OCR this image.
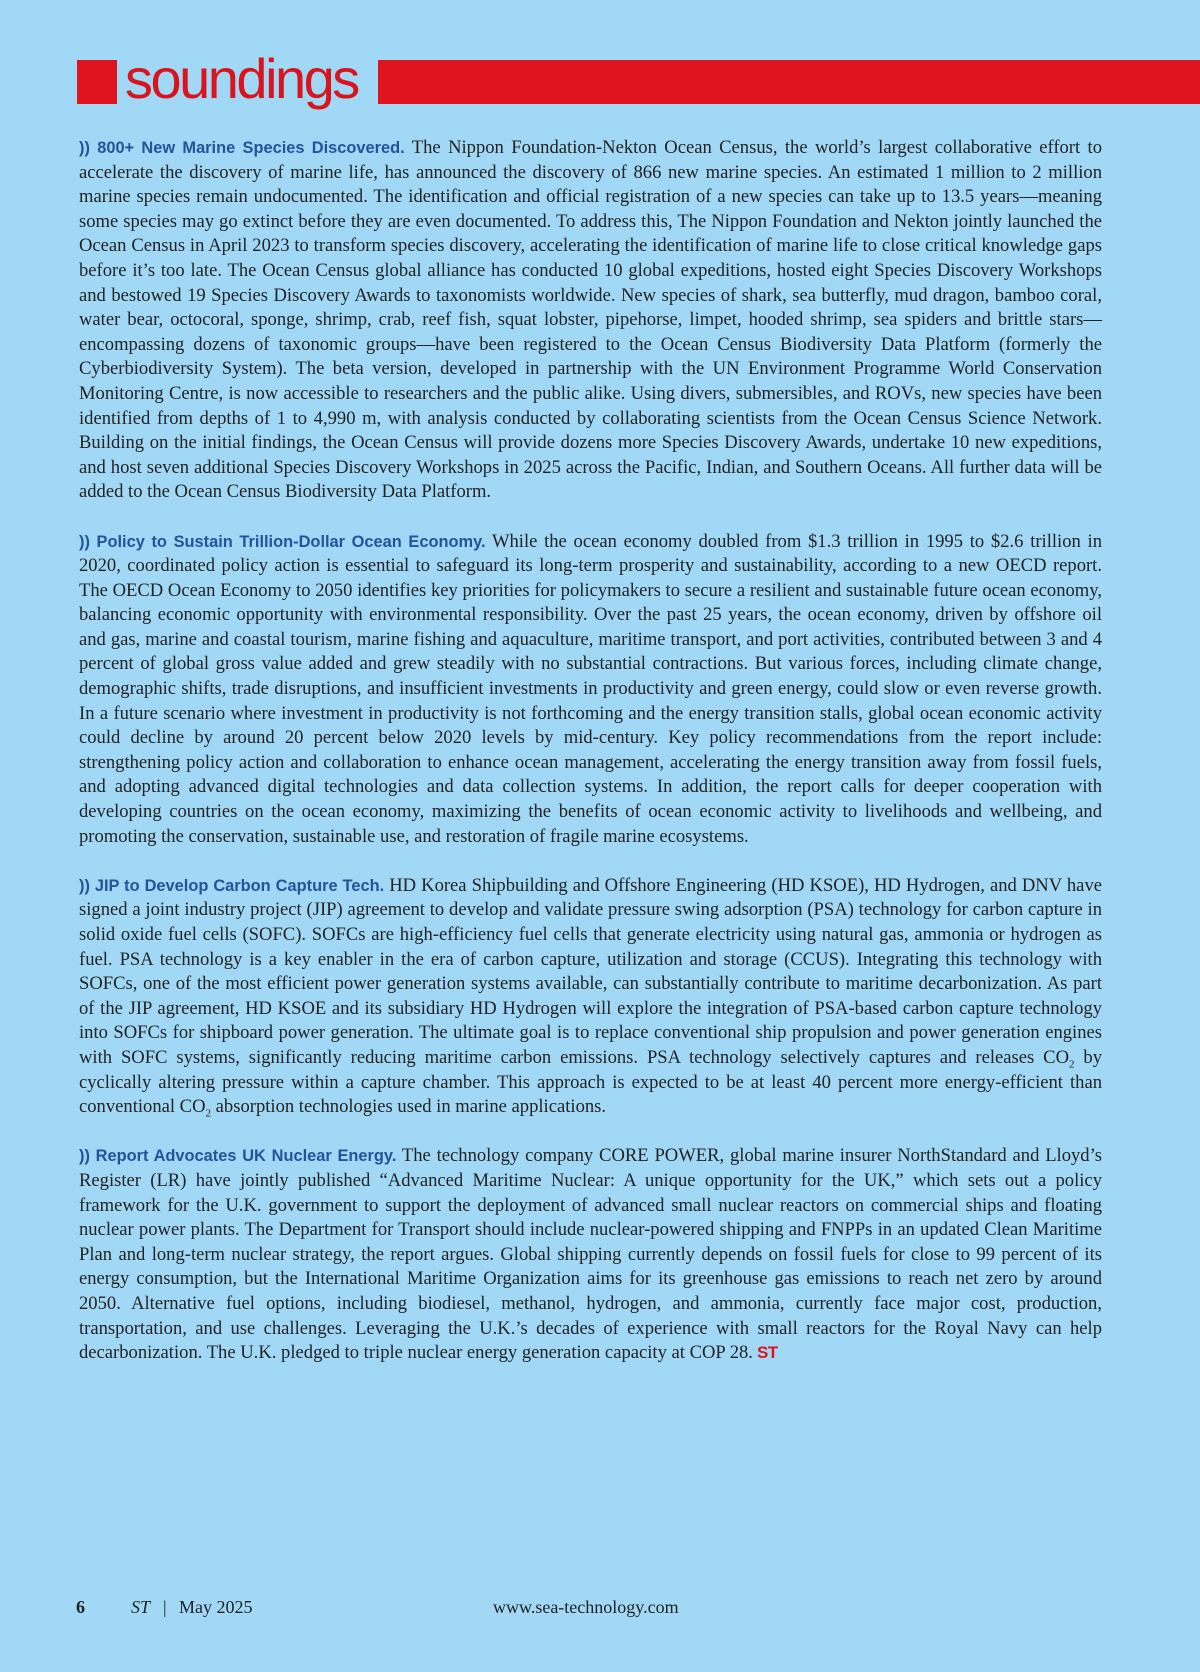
soundings

)) 800+ New Marine Species Discovered. The Nippon Foundation-Nekton Ocean Census, the world’s largest collaborative effort to accelerate the discovery of marine life, has announced the discovery of 866 new marine species. An estimated 1 million to 2 million marine species remain undocumented. The identification and official registration of a new species can take up to 13.5 years—meaning some species may go extinct before they are even documented. To address this, The Nippon Foundation and Nekton jointly launched the Ocean Census in April 2023 to transform species discovery, accelerating the identification of marine life to close critical knowledge gaps before it’s too late. The Ocean Census global alliance has conducted 10 global expeditions, hosted eight Species Discovery Workshops and bestowed 19 Species Discovery Awards to taxonomists worldwide. New species of shark, sea butterfly, mud dragon, bamboo coral, water bear, octocoral, sponge, shrimp, crab, reef fish, squat lobster, pipehorse, limpet, hooded shrimp, sea spiders and brittle stars—encompassing dozens of taxonomic groups—have been registered to the Ocean Census Biodiversity Data Platform (formerly the Cyberbiodiversity System). The beta version, developed in partnership with the UN Environment Programme World Conservation Monitoring Centre, is now accessible to researchers and the public alike. Using divers, submersibles, and ROVs, new species have been identified from depths of 1 to 4,990 m, with analysis conducted by collaborating scientists from the Ocean Census Science Network. Building on the initial findings, the Ocean Census will provide dozens more Species Discovery Awards, undertake 10 new expeditions, and host seven additional Species Discovery Workshops in 2025 across the Pacific, Indian, and Southern Oceans. All further data will be added to the Ocean Census Biodiversity Data Platform.

)) Policy to Sustain Trillion-Dollar Ocean Economy. While the ocean economy doubled from $1.3 trillion in 1995 to $2.6 trillion in 2020, coordinated policy action is essential to safeguard its long-term prosperity and sustainability, according to a new OECD report. The OECD Ocean Economy to 2050 identifies key priorities for policymakers to secure a resilient and sustainable future ocean economy, balancing economic opportunity with environmental responsibility. Over the past 25 years, the ocean economy, driven by offshore oil and gas, marine and coastal tourism, marine fishing and aquaculture, maritime transport, and port activities, contributed between 3 and 4 percent of global gross value added and grew steadily with no substantial contractions. But various forces, including climate change, demographic shifts, trade disruptions, and insufficient investments in productivity and green energy, could slow or even reverse growth. In a future scenario where investment in productivity is not forthcoming and the energy transition stalls, global ocean economic activity could decline by around 20 percent below 2020 levels by mid-century. Key policy recommendations from the report include: strengthening policy action and collaboration to enhance ocean management, accelerating the energy transition away from fossil fuels, and adopting advanced digital technologies and data collection systems. In addition, the report calls for deeper cooperation with developing countries on the ocean economy, maximizing the benefits of ocean economic activity to livelihoods and wellbeing, and promoting the conservation, sustainable use, and restoration of fragile marine ecosystems.

)) JIP to Develop Carbon Capture Tech. HD Korea Shipbuilding and Offshore Engineering (HD KSOE), HD Hydrogen, and DNV have signed a joint industry project (JIP) agreement to develop and validate pressure swing adsorption (PSA) technology for carbon capture in solid oxide fuel cells (SOFC). SOFCs are high-efficiency fuel cells that generate electricity using natural gas, ammonia or hydrogen as fuel. PSA technology is a key enabler in the era of carbon capture, utilization and storage (CCUS). Integrating this technology with SOFCs, one of the most efficient power generation systems available, can substantially contribute to maritime decarbonization. As part of the JIP agreement, HD KSOE and its subsidiary HD Hydrogen will explore the integration of PSA-based carbon capture technology into SOFCs for shipboard power generation. The ultimate goal is to replace conventional ship propulsion and power generation engines with SOFC systems, significantly reducing maritime carbon emissions. PSA technology selectively captures and releases $CO_2$ by cyclically altering pressure within a capture chamber. This approach is expected to be at least 40 percent more energy-efficient than conventional $CO_2$ absorption technologies used in marine applications.

)) Report Advocates UK Nuclear Energy. The technology company CORE POWER, global marine insurer NorthStandard and Lloyd’s Register (LR) have jointly published “Advanced Maritime Nuclear: A unique opportunity for the UK,” which sets out a policy framework for the U.K. government to support the deployment of advanced small nuclear reactors on commercial ships and floating nuclear power plants. The Department for Transport should include nuclear-powered shipping and FNPPs in an updated Clean Maritime Plan and long-term nuclear strategy, the report argues. Global shipping currently depends on fossil fuels for close to 99 percent of its energy consumption, but the International Maritime Organization aims for its greenhouse gas emissions to reach net zero by around 2050. Alternative fuel options, including biodiesel, methanol, hydrogen, and ammonia, currently face major cost, production, transportation, and use challenges. Leveraging the U.K.’s decades of experience with small reactors for the Royal Navy can help decarbonization. The U.K. pledged to triple nuclear energy generation capacity at COP 28. ST

6	ST | May 2025	www.sea-technology.com
